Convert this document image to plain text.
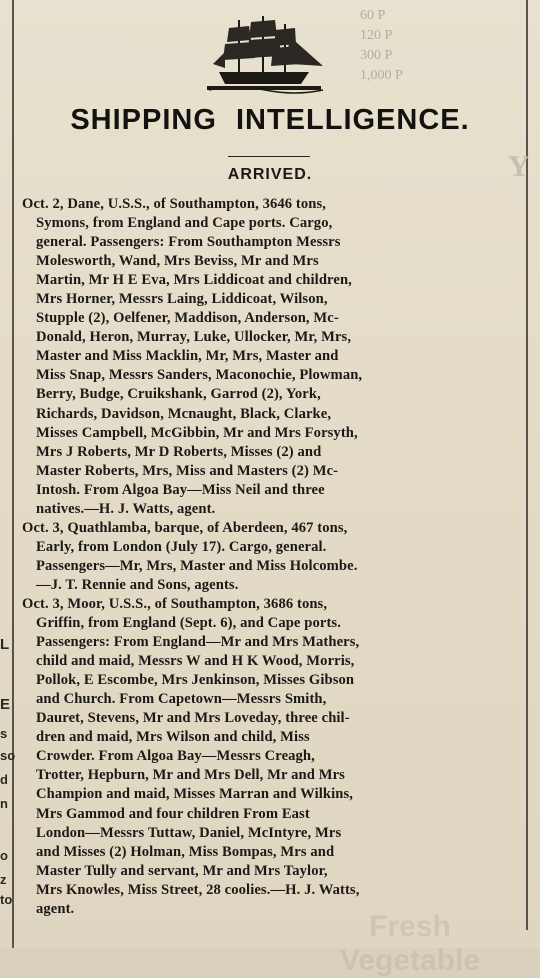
60 P
120 P
300 P
1,000 P
Y
L
E
s
so
d
n
o
z
to
SHIPPING INTELLIGENCE.
ARRIVED.
Oct. 2, Dane, U.S.S., of Southampton, 3646 tons,
Symons, from England and Cape ports. Cargo,
general. Passengers: From Southampton Messrs
Molesworth, Wand, Mrs Beviss, Mr and Mrs
Martin, Mr H E Eva, Mrs Liddicoat and children,
Mrs Horner, Messrs Laing, Liddicoat, Wilson,
Stupple (2), Oelfener, Maddison, Anderson, Mc-
Donald, Heron, Murray, Luke, Ullocker, Mr, Mrs,
Master and Miss Macklin, Mr, Mrs, Master and
Miss Snap, Messrs Sanders, Maconochie, Plowman,
Berry, Budge, Cruikshank, Garrod (2), York,
Richards, Davidson, Mcnaught, Black, Clarke,
Misses Campbell, McGibbin, Mr and Mrs Forsyth,
Mrs J Roberts, Mr D Roberts, Misses (2) and
Master Roberts, Mrs, Miss and Masters (2) Mc-
Intosh. From Algoa Bay—Miss Neil and three
natives.—H. J. Watts, agent.
Oct. 3, Quathlamba, barque, of Aberdeen, 467 tons,
Early, from London (July 17). Cargo, general.
Passengers—Mr, Mrs, Master and Miss Holcombe.
—J. T. Rennie and Sons, agents.
Oct. 3, Moor, U.S.S., of Southampton, 3686 tons,
Griffin, from England (Sept. 6), and Cape ports.
Passengers: From England—Mr and Mrs Mathers,
child and maid, Messrs W and H K Wood, Morris,
Pollok, E Escombe, Mrs Jenkinson, Misses Gibson
and Church. From Capetown—Messrs Smith,
Dauret, Stevens, Mr and Mrs Loveday, three chil-
dren and maid, Mrs Wilson and child, Miss
Crowder. From Algoa Bay—Messrs Creagh,
Trotter, Hepburn, Mr and Mrs Dell, Mr and Mrs
Champion and maid, Misses Marran and Wilkins,
Mrs Gammod and four children From East
London—Messrs Tuttaw, Daniel, McIntyre, Mrs
and Misses (2) Holman, Miss Bompas, Mrs and
Master Tully and servant, Mr and Mrs Taylor,
Mrs Knowles, Miss Street, 28 coolies.—H. J. Watts,
agent.
Fresh Vegetable
